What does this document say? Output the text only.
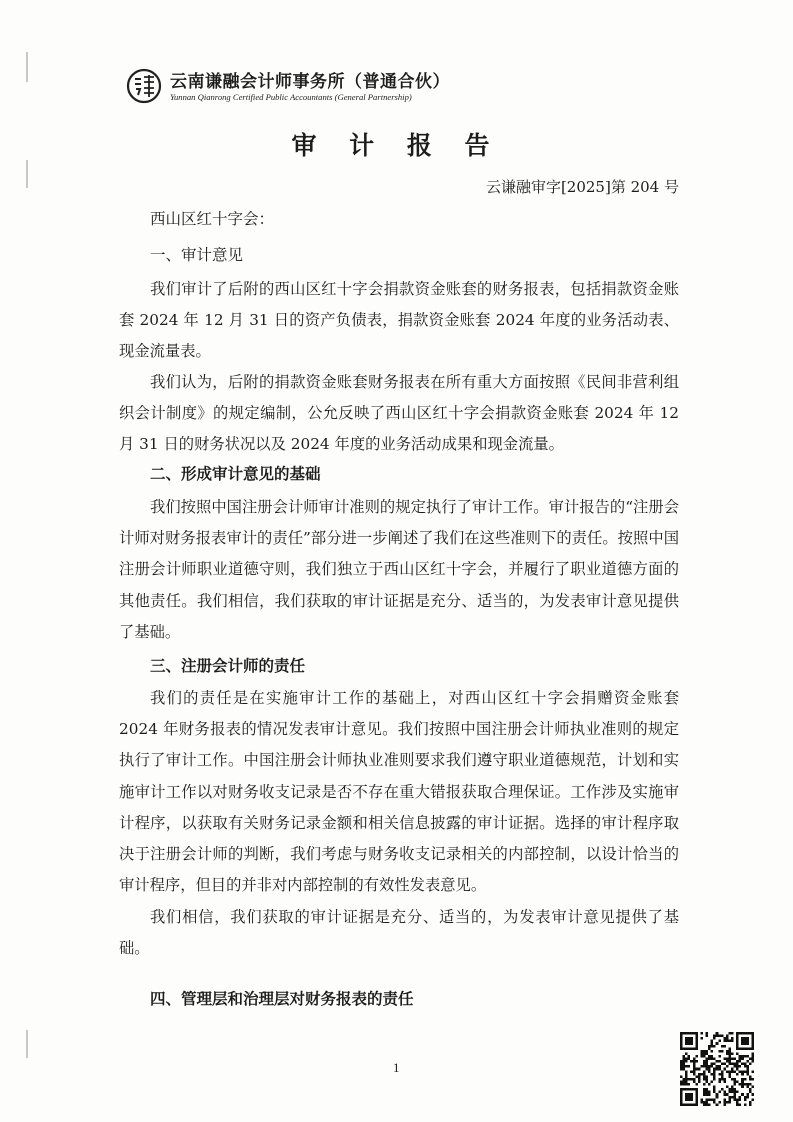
云南谦融会计师事务所（普通合伙）
Yunnan Qianrong Certified Public Accountants (General Partnership)
审 计 报 告
云谦融审字[2025]第 204 号
西山区红十字会：
一、审计意见

我们审计了后附的西山区红十字会捐款资金账套的财务报表，包括捐款资金账套 2024 年 12 月 31 日的资产负债表，捐款资金账套 2024 年度的业务活动表、现金流量表。

我们认为，后附的捐款资金账套财务报表在所有重大方面按照《民间非营利组织会计制度》的规定编制，公允反映了西山区红十字会捐款资金账套 2024 年 12 月 31 日的财务状况以及 2024 年度的业务活动成果和现金流量。

二、形成审计意见的基础

我们按照中国注册会计师审计准则的规定执行了审计工作。审计报告的“注册会计师对财务报表审计的责任”部分进一步阐述了我们在这些准则下的责任。按照中国注册会计师职业道德守则，我们独立于西山区红十字会，并履行了职业道德方面的其他责任。我们相信，我们获取的审计证据是充分、适当的，为发表审计意见提供了基础。

三、注册会计师的责任

我们的责任是在实施审计工作的基础上，对西山区红十字会捐赠资金账套 2024 年财务报表的情况发表审计意见。我们按照中国注册会计师执业准则的规定执行了审计工作。中国注册会计师执业准则要求我们遵守职业道德规范，计划和实施审计工作以对财务收支记录是否不存在重大错报获取合理保证。工作涉及实施审计程序，以获取有关财务记录金额和相关信息披露的审计证据。选择的审计程序取决于注册会计师的判断，我们考虑与财务收支记录相关的内部控制，以设计恰当的审计程序，但目的并非对内部控制的有效性发表意见。

我们相信，我们获取的审计证据是充分、适当的，为发表审计意见提供了基础。

四、管理层和治理层对财务报表的责任
1
